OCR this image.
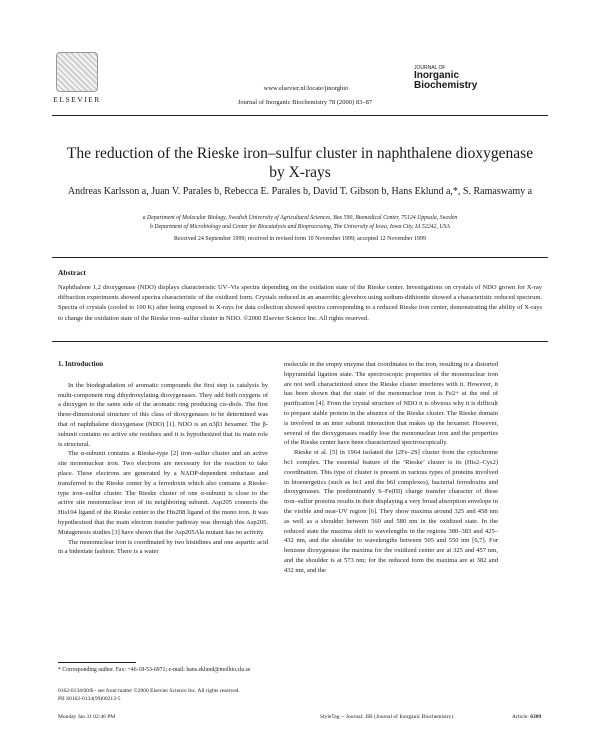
ELSEVIER
www.elsevier.nl/locate/jinorgbio
Journal of Inorganic Biochemistry 78 (2000) 83–87
JOURNAL OF
Inorganic
Biochemistry
The reduction of the Rieske iron–sulfur cluster in naphthalene dioxygenase by X-rays
Andreas Karlsson a, Juan V. Parales b, Rebecca E. Parales b, David T. Gibson b, Hans Eklund a,*, S. Ramaswamy a
a Department of Molecular Biology, Swedish University of Agricultural Sciences, Box 590, Biomedical Center, 75124 Uppsala, Sweden
b Department of Microbiology and Center for Biocatalysis and Bioprocessing, The University of Iowa, Iowa City, IA 52242, USA
Received 24 September 1999; received in revised form 10 November 1999; accepted 12 November 1999
Abstract
Naphthalene 1,2 dioxygenase (NDO) displays characteristic UV–Vis spectra depending on the oxidation state of the Rieske center. Investigations on crystals of NDO grown for X-ray diffraction experiments showed spectra characteristic of the oxidized form. Crystals reduced in an anaerobic glovebox using sodium-dithionite showed a characteristic reduced spectrum. Spectra of crystals (cooled to 100 K) after being exposed to X-rays for data collection showed spectra corresponding to a reduced Rieske iron center, demonstrating the ability of X-rays to change the oxidation state of the Rieske iron–sulfur cluster in NDO. ©2000 Elsevier Science Inc. All rights reserved.
1. Introduction

In the biodegradation of aromatic compounds the first step is catalysis by multi-component ring dihydroxylating dioxygenases. They add both oxygens of a dioxygen to the same side of the aromatic ring producing cis-diols. The first three-dimensional structure of this class of dioxygenases to be determined was that of naphthalene dioxygenase (NDO) [1]. NDO is an α3β3 hexamer. The β-subunit contains no active site residues and it is hypothesized that its main role is structural.

The α-subunit contains a Rieske-type [2] iron–sulfur cluster and an active site mononuclear iron. Two electrons are necessary for the reaction to take place. These electrons are generated by a NADP-dependent reductase and transferred to the Rieske center by a ferredoxin which also contains a Rieske-type iron–sulfur cluster. The Rieske cluster of one α-subunit is close to the active site mononuclear iron of its neighboring subunit. Asp205 connects the His104 ligand of the Rieske center to the His208 ligand of the mono iron. It was hypothesized that the main electron transfer pathway was through this Asp205. Mutagenesis studies [3] have shown that the Asp205Ala mutant has no activity.

The mononuclear iron is coordinated by two histidines and one aspartic acid in a bidentate fashion. There is a water

molecule in the empty enzyme that coordinates to the iron, resulting in a distorted bipyramidal ligation state. The spectroscopic properties of the mononuclear iron are not well characterized since the Rieske cluster interferes with it. However, it has been shown that the state of the mononuclear iron is Fe2+ at the end of purification [4]. From the crystal structure of NDO it is obvious why it is difficult to prepare stable protein in the absence of the Rieske cluster. The Rieske domain is involved in an inter subunit interaction that makes up the hexamer. However, several of the dioxygenases readily lose the mononuclear iron and the properties of the Rieske center have been characterized spectroscopically.

Rieske et al. [5] in 1964 isolated the [2Fe–2S] cluster from the cytochrome bc1 complex. The essential feature of the ‘Rieske’ cluster is its (His2–Cys2) coordination. This type of cluster is present in various types of proteins involved in bioenergetics (such as bc1 and the b6f complexes), bacterial ferredoxins and dioxygenases. The predominantly S–Fe(III) charge transfer character of these iron–sulfur proteins results in their displaying a very broad absorption envelope in the visible and near-UV region [6]. They show maxima around 325 and 458 nm as well as a shoulder between 560 and 580 nm in the oxidized state. In the reduced state the maxima shift to wavelengths in the regions 380–383 and 425–432 nm, and the shoulder to wavelengths between 505 and 550 nm [6,7]. For benzene dioxygenase the maxima for the oxidized center are at 325 and 457 nm, and the shoulder is at 573 nm; for the reduced form the maxima are at 382 and 432 nm, and the

* Corresponding author. Fax: +46-18-53-6971; e-mail: hans.eklund@molbio.slu.se
0162-0134/00/$ - see front matter ©2000 Elsevier Science Inc. All rights reserved.
PII S0162-0134(99)00213-5
Monday Jan 31 02:46 PM	StyleTag -- Journal: JIB (Journal of Inorganic Biochemistry)	Article: 6309
